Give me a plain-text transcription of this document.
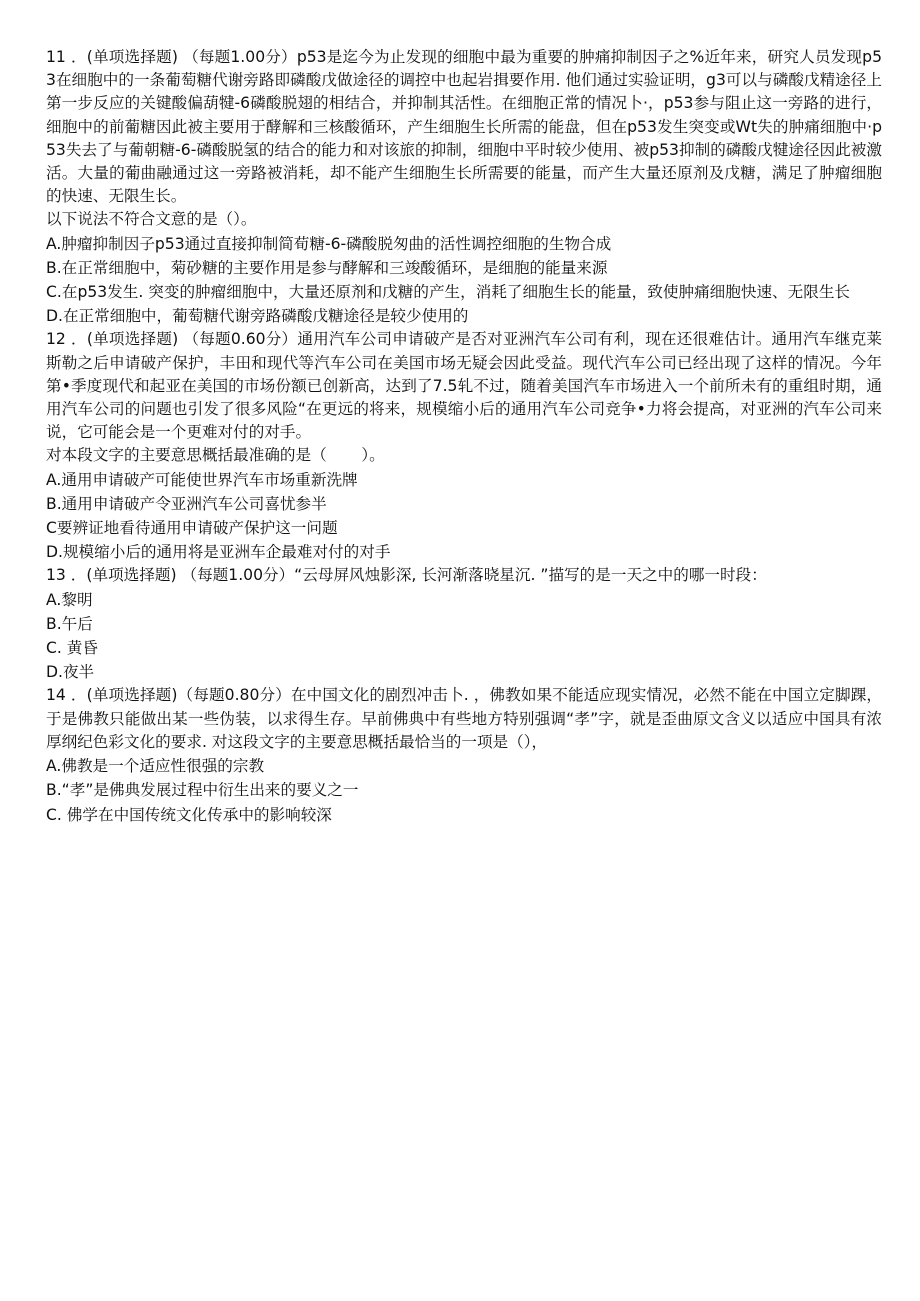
11 ．(单项选择题) （每题1.00分）p53是迄今为止发现的细胞中最为重要的肿痛抑制因子之%近年来，研究人员发现p53在细胞中的一条葡萄糖代谢旁路即磷酸戊做途径的调控中也起岩揖要作用. 他们通过实验证明，g3可以与磷酸戊精途径上第一步反应的关键酸偏葫犍-6磷酸脱翅的相结合，并抑制其活性。在细胞正常的情况卜·，p53参与阻止这一旁路的进行，细胞中的前葡糖因此被主要用于酵解和三核酸循环，产生细胞生长所需的能盘，但在p53发生突变或Wt失的肿痛细胞中·p53失去了与葡朝糖-6-磷酸脱氢的结合的能力和对该旅的抑制，细胞中平时较少使用、被p53抑制的磷酸戊犍途径因此被激活。大量的葡曲融通过这一旁路被消耗，却不能产生细胞生长所需要的能量，而产生大量还原剂及戊糖，满足了肿瘤细胞的快速、无限生长。

以下说法不符合文意的是（）。

A.肿瘤抑制因子p53通过直接抑制简荀糖-6-磷酸脱匆曲的活性调控细胞的生物合成

B.在正常细胞中，菊砂糖的主要作用是参与酵解和三竣酸循环，是细胞的能量来源

C.在p53发生. 突变的肿瘤细胞中，大量还原剂和戊糖的产生，消耗了细胞生长的能量，致使肿痛细胞快速、无限生长

D.在正常细胞中，葡萄糖代谢旁路磷酸戊糖途径是较少使用的

12 ．(单项选择题) （每题0.60分）通用汽车公司申请破产是否对亚洲汽车公司有利，现在还很难估计。通用汽车继克莱斯勒之后申请破产保护，丰田和现代等汽车公司在美国市场无疑会因此受益。现代汽车公司已经出现了这样的情况。今年第•季度现代和起亚在美国的市场份额已创新高，达到了7.5轧不过，随着美国汽车市场进入一个前所未有的重组时期，通用汽车公司的问题也引发了很多风险“在更远的将来，规模缩小后的通用汽车公司竞争•力将会提高，对亚洲的汽车公司来说，它可能会是一个更难对付的对手。

对本段文字的主要意思概括最准确的是（       ）。

A.通用申请破产可能使世界汽车市场重新洗牌

B.通用申请破产令亚洲汽车公司喜忧参半

C要辨证地看待通用申请破产保护这一问题

D.规模缩小后的通用将是亚洲车企最难对付的对手

13 ．(单项选择题) （每题1.00分）“云母屏风烛影深, 长河渐落晓星沉. ”描写的是一天之中的哪一时段：

A.黎明

B.午后

C. 黄昏

D.夜半

14 ．(单项选择题)（每题0.80分）在中国文化的剧烈冲击卜. ，佛教如果不能适应现实情况，必然不能在中国立定脚踝，于是佛教只能做出某一些伪装，以求得生存。早前佛典中有些地方特别强调“孝”字，就是歪曲原文含义以适应中国具有浓厚纲纪色彩文化的要求. 对这段文字的主要意思概括最恰当的一项是（），

A.佛教是一个适应性很强的宗教

B.“孝”是佛典发展过程中衍生出来的要义之一

C. 佛学在中国传统文化传承中的影响较深
